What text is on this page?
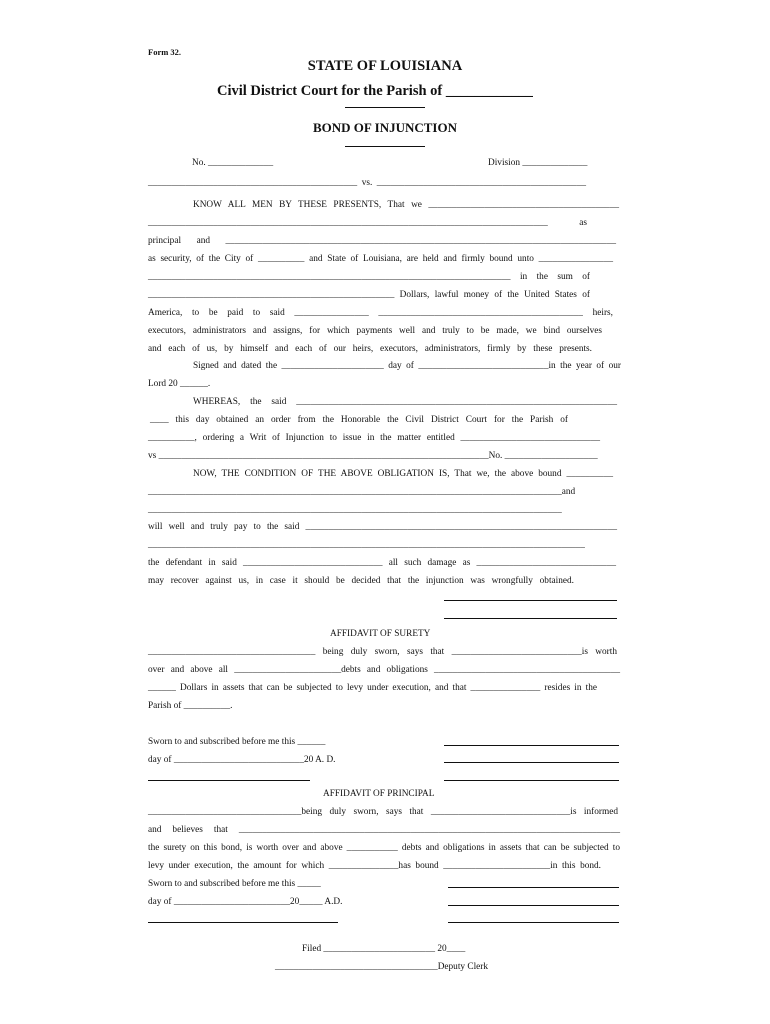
Form 32.
STATE OF LOUISIANA
Civil District Court for the Parish of ____________
BOND OF INJUNCTION
No. ______________	Division ______________
_____________________________________________ vs. _____________________________________________
KNOW ALL MEN BY THESE PRESENTS, That we _________________________________________
______________________________________________________________________________________ as
principal and ____________________________________________________________________________________
as security, of the City of __________ and State of Louisiana, are held and firmly bound unto ________________
______________________________________________________________________________ in the sum of
_____________________________________________________ Dollars, lawful money of the United States of
America, to be paid to said ________________ ____________________________________________ heirs,
executors, administrators and assigns, for which payments well and truly to be made, we bind ourselves
and each of us, by himself and each of our heirs, executors, administrators, firmly by these presents.
Signed and dated the ______________________ day of ____________________________in the year of our
Lord 20 ______.
WHEREAS, the said _____________________________________________________________________
____ this day obtained an order from the Honorable the Civil District Court for the Parish of
__________, ordering a Writ of Injunction to issue in the matter entitled ______________________________
vs _______________________________________________________________________No. ____________________
NOW, THE CONDITION OF THE ABOVE OBLIGATION IS, That we, the above bound __________
_________________________________________________________________________________________and
_________________________________________________________________________________________
will well and truly pay to the said ___________________________________________________________________
______________________________________________________________________________________________
the defendant in said ______________________________ all such damage as ______________________________
may recover against us, in case it should be decided that the injunction was wrongfully obtained.
AFFIDAVIT OF SURETY
____________________________________ being duly sworn, says that ____________________________is worth
over and above all _______________________debts and obligations ________________________________________
______ Dollars in assets that can be subjected to levy under execution, and that _______________ resides in the
Parish of __________.
Sworn to and subscribed before me this ______
day of ____________________________20 A. D.
AFFIDAVIT OF PRINCIPAL
_________________________________being duly sworn, says that ______________________________is informed
and believes that __________________________________________________________________________________
the surety on this bond, is worth over and above ___________ debts and obligations in assets that can be subjected to
levy under execution, the amount for which _______________has bound _______________________in this bond.
Sworn to and subscribed before me this _____
day of _________________________20_____ A.D.
Filed ________________________ 20____
___________________________________Deputy Clerk
